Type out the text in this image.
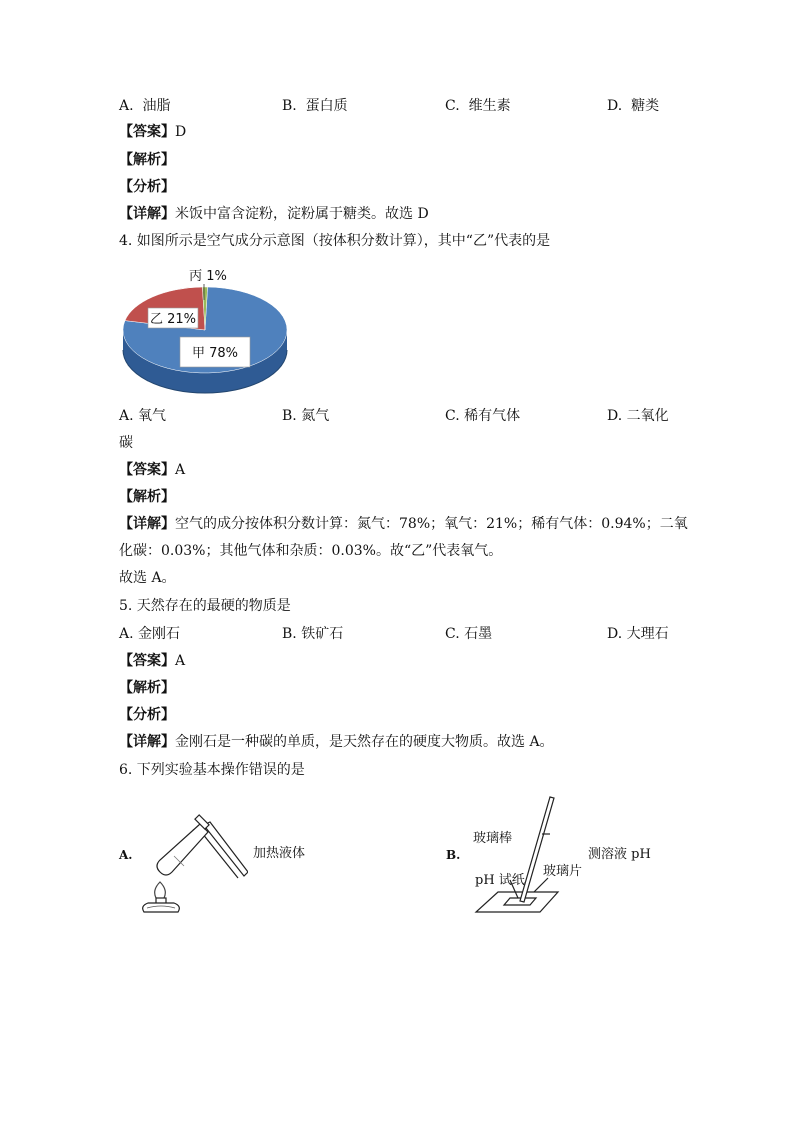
A. 油脂	B. 蛋白质	C. 维生素	D. 糖类
【答案】D
【解析】
【分析】
【详解】米饭中富含淀粉，淀粉属于糖类。故选 D
4. 如图所示是空气成分示意图（按体积分数计算），其中“乙”代表的是
甲 78%
乙 21%
丙 1%
A. 氧气	B. 氮气	C. 稀有气体	D. 二氧化
碳
【答案】A
【解析】
【详解】空气的成分按体积分数计算：氮气：78%；氧气：21%；稀有气体：0.94%；二氧
化碳：0.03%；其他气体和杂质：0.03%。故“乙”代表氧气。
故选 A。
5. 天然存在的最硬的物质是
A. 金刚石	B. 铁矿石	C. 石墨	D. 大理石
【答案】A
【解析】
【分析】
【详解】金刚石是一种碳的单质，是天然存在的硬度大物质。故选 A。
6. 下列实验基本操作错误的是
A.	加热液体	B.
玻璃棒
测溶液 pH
玻璃片
pH 试纸
